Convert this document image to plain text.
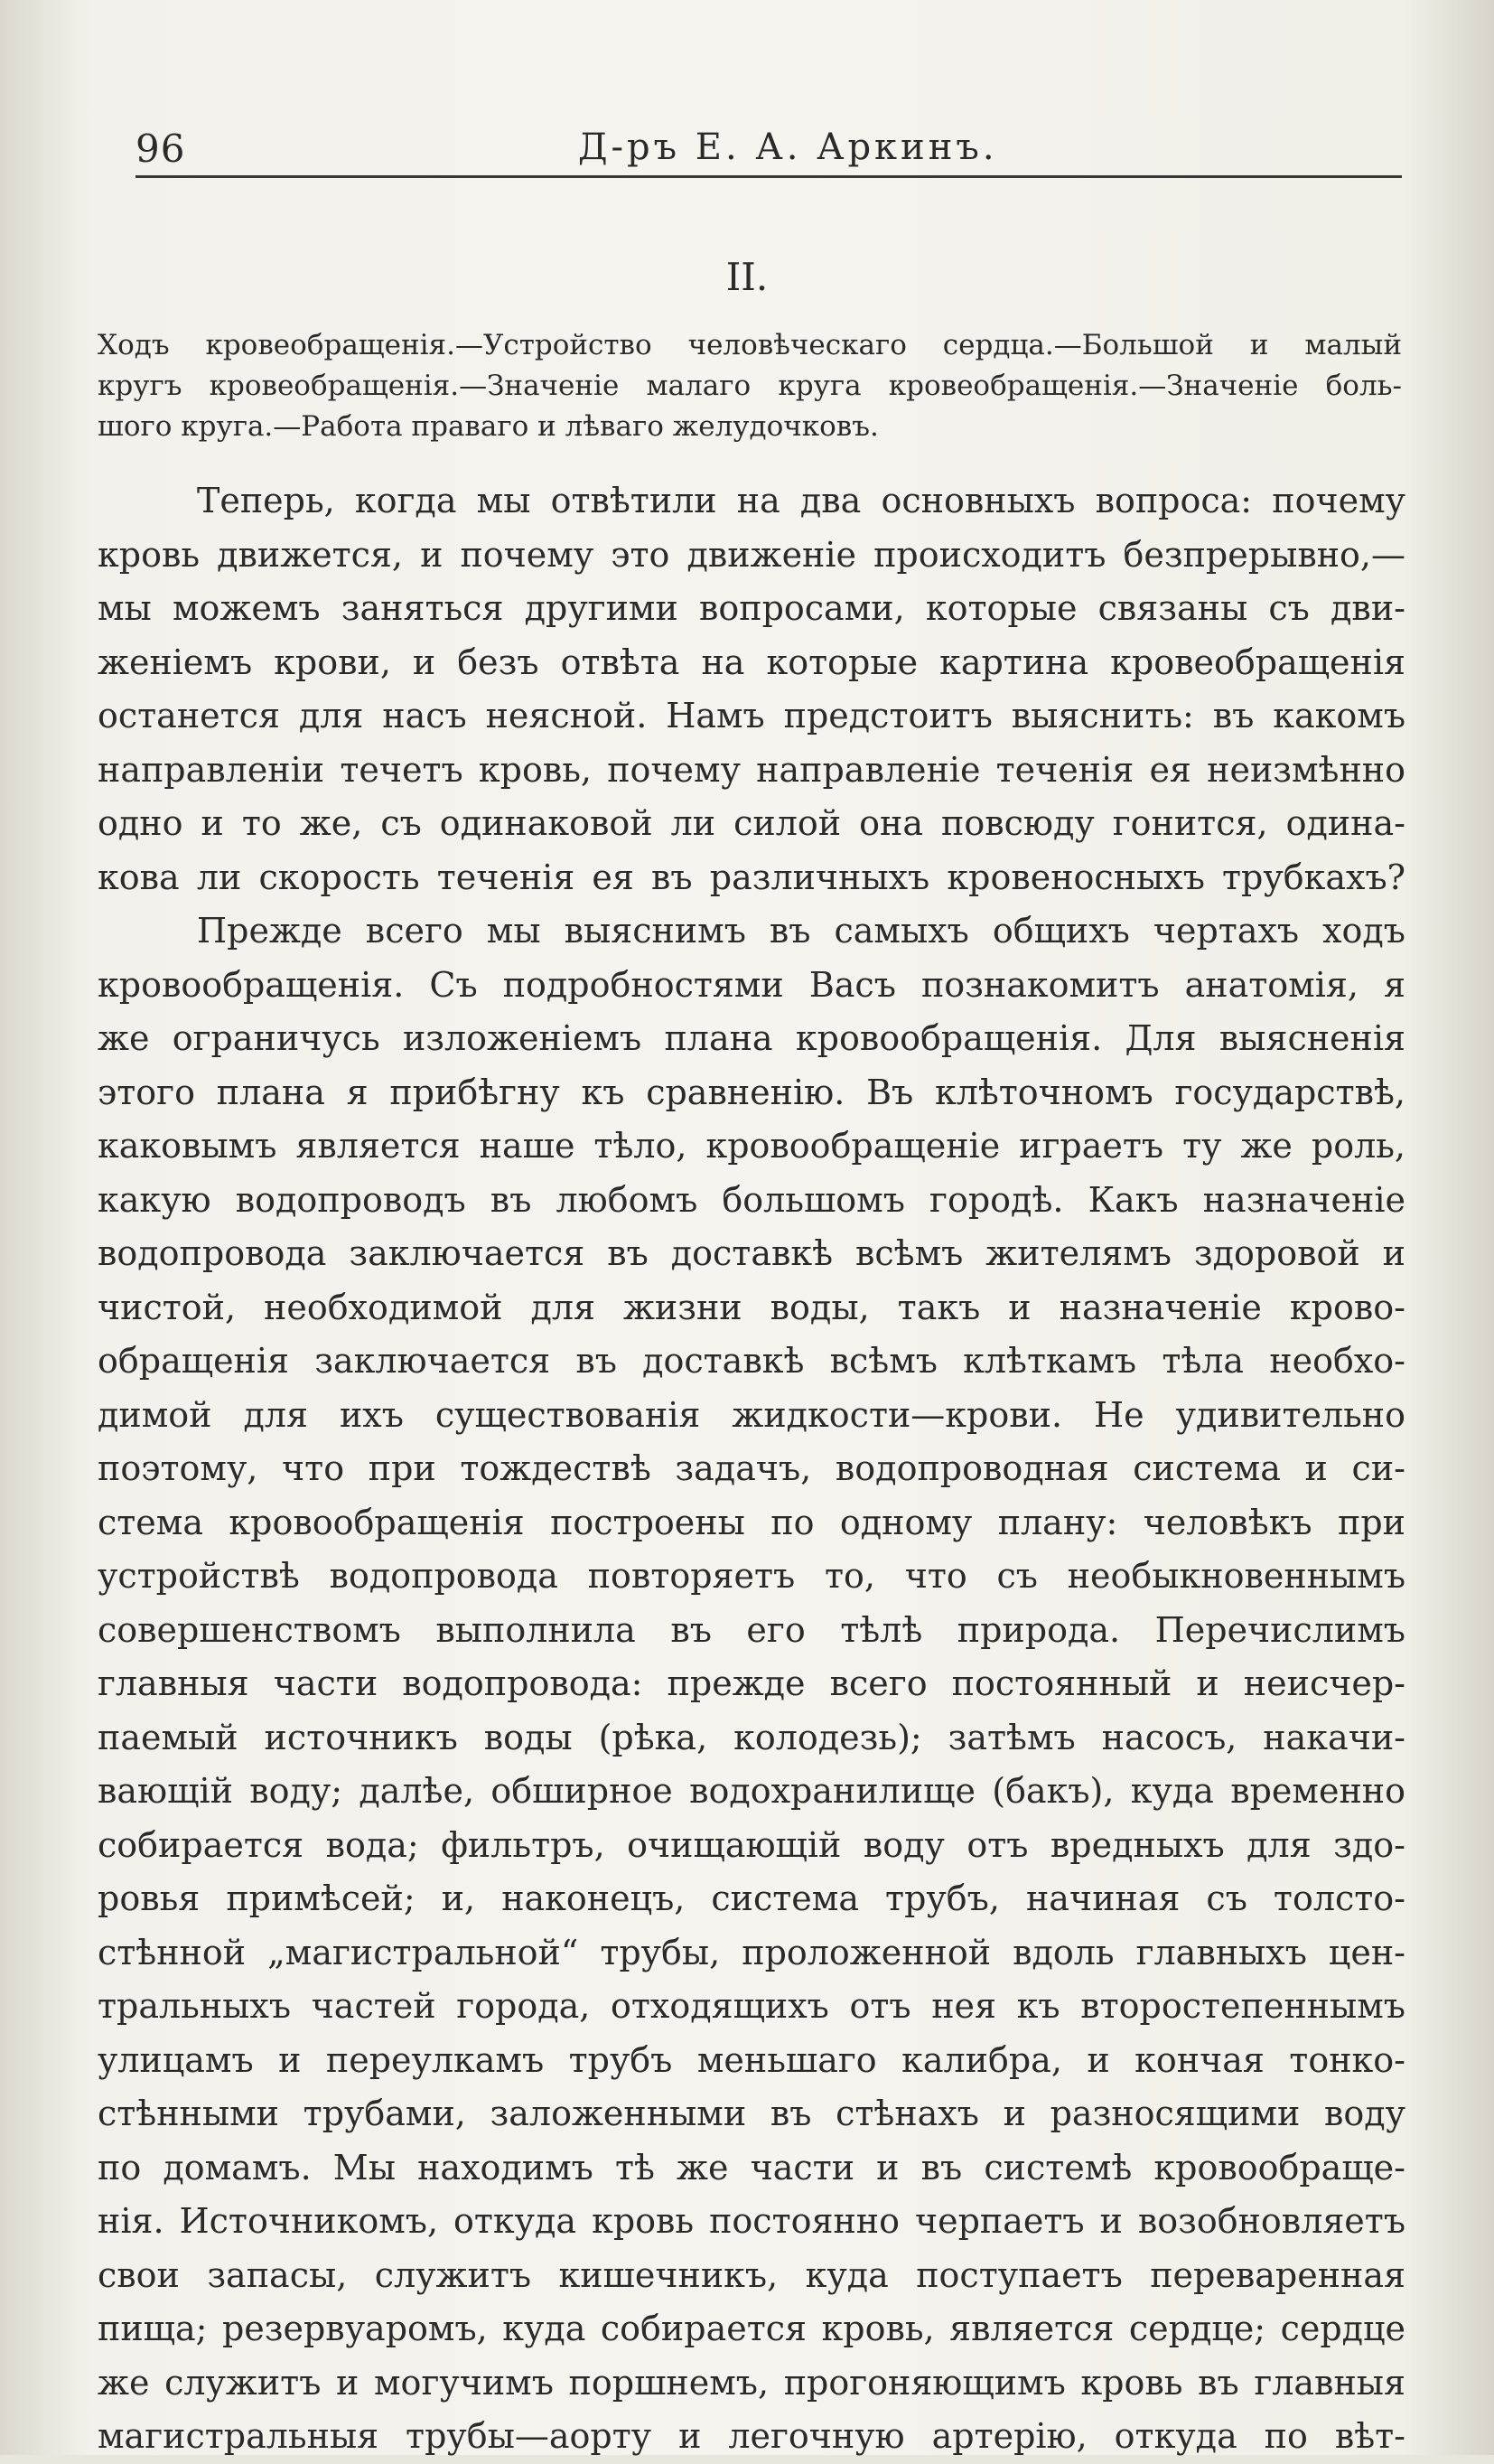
96	Д-ръ Е. А. Аркинъ.
II.
Ходъ кровеобращенія.—Устройство человѣческаго сердца.—Большой и малый
кругъ кровеобращенія.—Значеніе малаго круга кровеобращенія.—Значеніе боль-
шого круга.—Работа праваго и лѣваго желудочковъ.

Теперь, когда мы отвѣтили на два основныхъ вопроса: почему
кровь движется, и почему это движеніе происходитъ безпрерывно,—
мы можемъ заняться другими вопросами, которые связаны съ дви-
женіемъ крови, и безъ отвѣта на которые картина кровеобращенія
останется для насъ неясной. Намъ предстоитъ выяснить: въ какомъ
направленіи течетъ кровь, почему направленіе теченія ея неизмѣнно
одно и то же, съ одинаковой ли силой она повсюду гонится, одина-
кова ли скорость теченія ея въ различныхъ кровеносныхъ трубкахъ?

Прежде всего мы выяснимъ въ самыхъ общихъ чертахъ ходъ
кровообращенія. Съ подробностями Васъ познакомитъ анатомія, я
же ограничусь изложеніемъ плана кровообращенія. Для выясненія
этого плана я прибѣгну къ сравненію. Въ клѣточномъ государствѣ,
каковымъ является наше тѣло, кровообращеніе играетъ ту же роль,
какую водопроводъ въ любомъ большомъ городѣ. Какъ назначеніе
водопровода заключается въ доставкѣ всѣмъ жителямъ здоровой и
чистой, необходимой для жизни воды, такъ и назначеніе крово-
обращенія заключается въ доставкѣ всѣмъ клѣткамъ тѣла необхо-
димой для ихъ существованія жидкости—крови. Не удивительно
поэтому, что при тождествѣ задачъ, водопроводная система и си-
стема кровообращенія построены по одному плану: человѣкъ при
устройствѣ водопровода повторяетъ то, что съ необыкновеннымъ
совершенствомъ выполнила въ его тѣлѣ природа. Перечислимъ
главныя части водопровода: прежде всего постоянный и неисчер-
паемый источникъ воды (рѣка, колодезь); затѣмъ насосъ, накачи-
вающій воду; далѣе, обширное водохранилище (бакъ), куда временно
собирается вода; фильтръ, очищающій воду отъ вредныхъ для здо-
ровья примѣсей; и, наконецъ, система трубъ, начиная съ толсто-
стѣнной „магистральной“ трубы, проложенной вдоль главныхъ цен-
тральныхъ частей города, отходящихъ отъ нея къ второстепеннымъ
улицамъ и переулкамъ трубъ меньшаго калибра, и кончая тонко-
стѣнными трубами, заложенными въ стѣнахъ и разносящими воду
по домамъ. Мы находимъ тѣ же части и въ системѣ кровообраще-
нія. Источникомъ, откуда кровь постоянно черпаетъ и возобновляетъ
свои запасы, служитъ кишечникъ, куда поступаетъ переваренная
пища; резервуаромъ, куда собирается кровь, является сердце; сердце
же служитъ и могучимъ поршнемъ, прогоняющимъ кровь въ главныя
магистральныя трубы—аорту и легочную артерію, откуда по вѣт-
